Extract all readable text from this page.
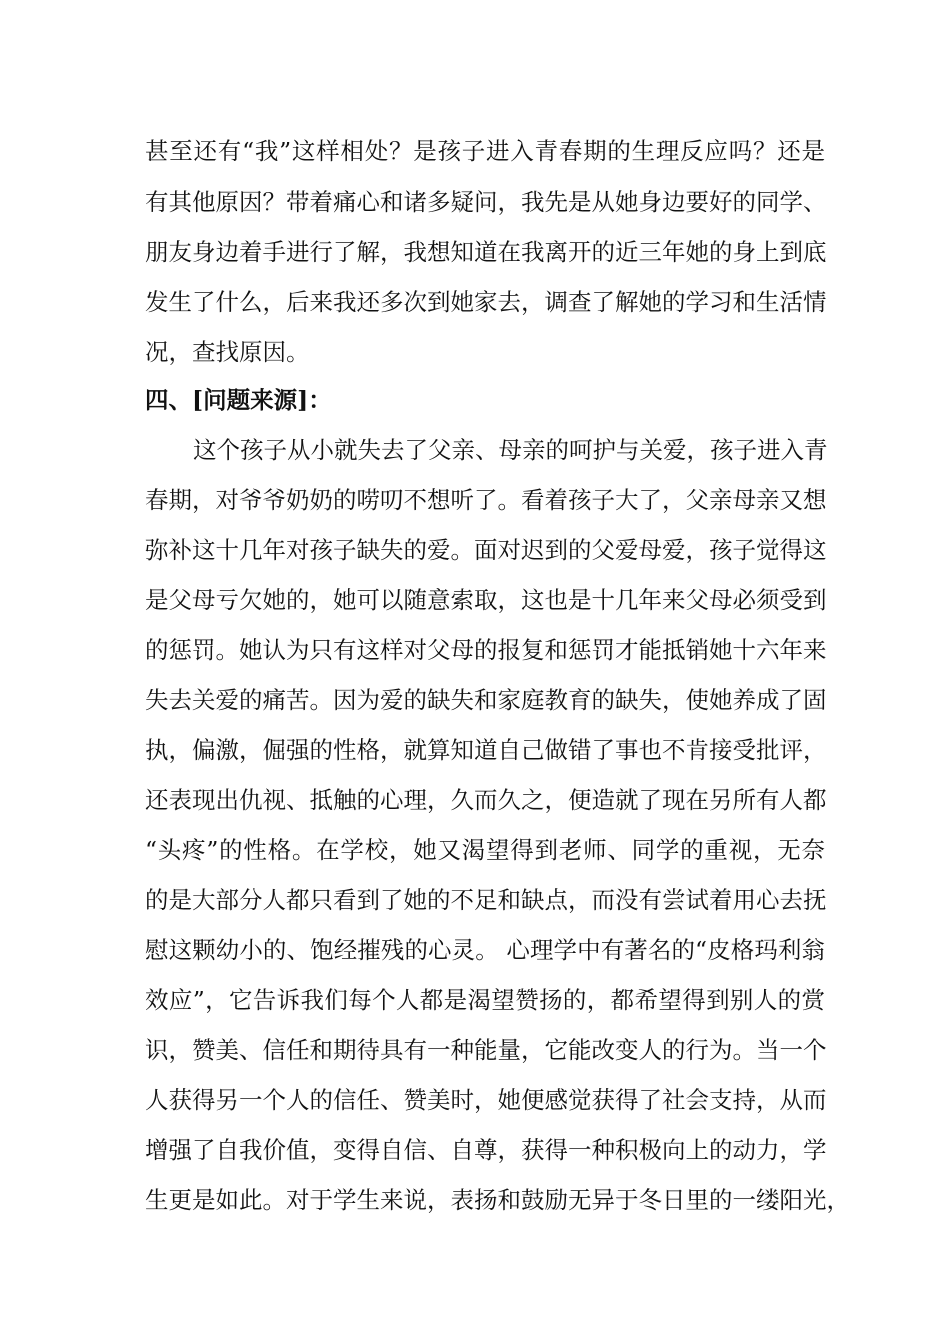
甚至还有“我”这样相处？是孩子进入青春期的生理反应吗？还是
有其他原因？带着痛心和诸多疑问，我先是从她身边要好的同学、
朋友身边着手进行了解，我想知道在我离开的近三年她的身上到底
发生了什么，后来我还多次到她家去，调查了解她的学习和生活情
况，查找原因。
四、[问题来源]：
这个孩子从小就失去了父亲、母亲的呵护与关爱，孩子进入青
春期，对爷爷奶奶的唠叨不想听了。看着孩子大了，父亲母亲又想
弥补这十几年对孩子缺失的爱。面对迟到的父爱母爱，孩子觉得这
是父母亏欠她的，她可以随意索取，这也是十几年来父母必须受到
的惩罚。她认为只有这样对父母的报复和惩罚才能抵销她十六年来
失去关爱的痛苦。因为爱的缺失和家庭教育的缺失，使她养成了固
执，偏激，倔强的性格，就算知道自己做错了事也不肯接受批评，
还表现出仇视、抵触的心理，久而久之，便造就了现在另所有人都
“头疼”的性格。在学校，她又渴望得到老师、同学的重视，无奈
的是大部分人都只看到了她的不足和缺点，而没有尝试着用心去抚
慰这颗幼小的、饱经摧残的心灵。 心理学中有著名的“皮格玛利翁
效应”，它告诉我们每个人都是渴望赞扬的，都希望得到别人的赏
识，赞美、信任和期待具有一种能量，它能改变人的行为。当一个
人获得另一个人的信任、赞美时，她便感觉获得了社会支持，从而
增强了自我价值，变得自信、自尊，获得一种积极向上的动力，学
生更是如此。对于学生来说，表扬和鼓励无异于冬日里的一缕阳光，
